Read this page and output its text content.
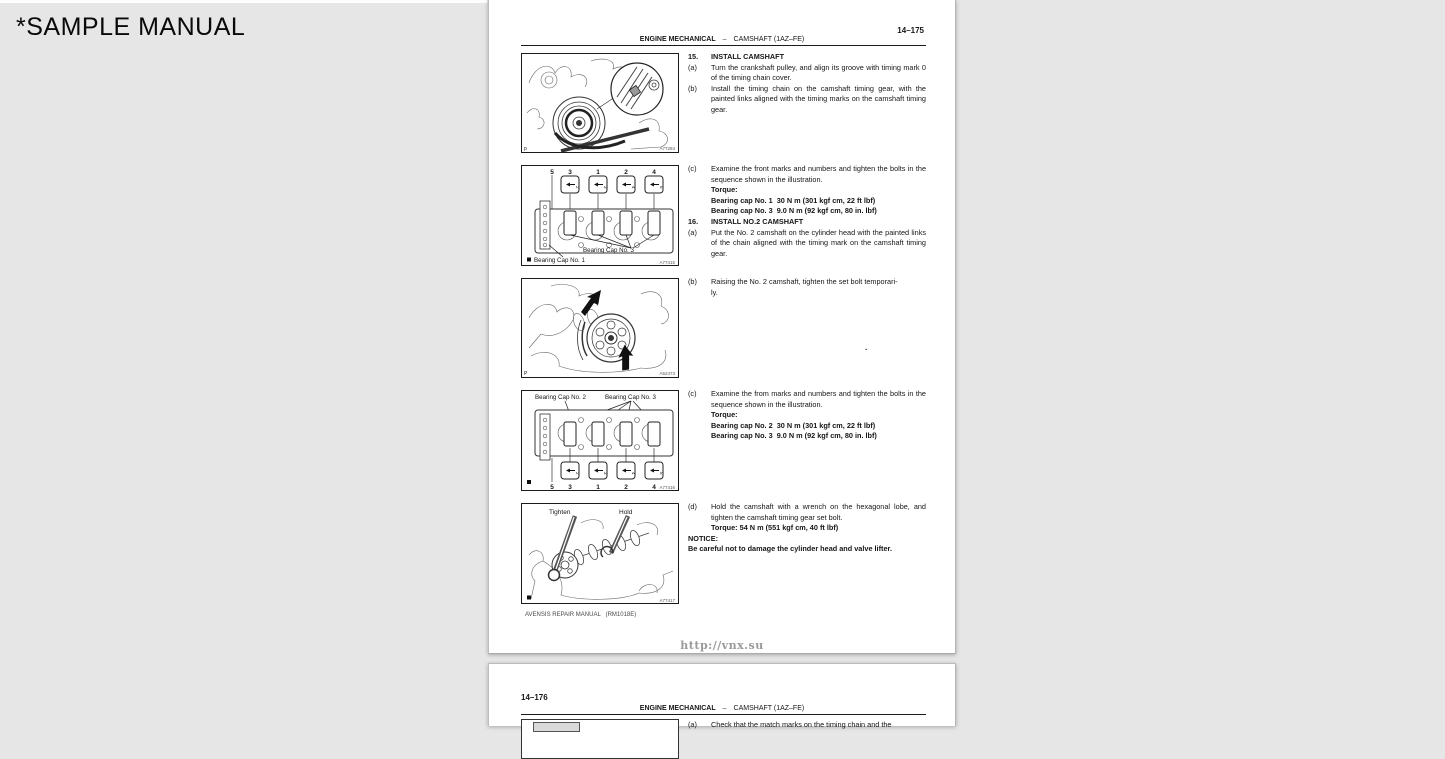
*SAMPLE MANUAL	14–175
ENGINE MECHANICAL – CAMSHAFT (1AZ–FE)
p	A77284
5 3	1	2	4
2	3	4	5
Bearing Cap No. 3
Bearing Cap No. 1	A77415
P	A52473
Bearing Cap No. 2	Bearing Cap No. 3
2	3	4	5
5 3	1	2	4 A77416
Tighten	Hold
A77417
15. INSTALL CAMSHAFT
(a) Turn the crankshaft pulley, and align its groove with timing mark 0 of the timing chain cover.
(b) Install the timing chain on the camshaft timing gear, with the painted links aligned with the timing marks on the camshaft timing gear.
(c) Examine the front marks and numbers and tighten the bolts in the sequence shown in the illustration.
Torque:
Bearing cap No. 1  30 N m (301 kgf cm, 22 ft lbf)
Bearing cap No. 3  9.0 N m (92 kgf cm, 80 in. lbf)
16. INSTALL NO.2 CAMSHAFT
(a) Put the No. 2 camshaft on the cylinder head with the painted links of the chain aligned with the timing mark on the camshaft timing gear.
(b) Raising the No. 2 camshaft, tighten the set bolt temporari-
ly.
.
(c) Examine the from marks and numbers and tighten the bolts in the sequence shown in the illustration.
Torque:
Bearing cap No. 2  30 N m (301 kgf cm, 22 ft lbf)
Bearing cap No. 3  9.0 N m (92 kgf cm, 80 in. lbf)
(d) Hold the camshaft with a wrench on the hexagonal lobe, and tighten the camshaft timing gear set bolt.
Torque: 54 N m (551 kgf cm, 40 ft lbf)
NOTICE:
Be careful not to damage the cylinder head and valve lifter.
AVENSIS REPAIR MANUAL   (RM1018E)
http://vnx.su
14–176
ENGINE MECHANICAL – CAMSHAFT (1AZ–FE)
(a) Check that the match marks on the timing chain and the
